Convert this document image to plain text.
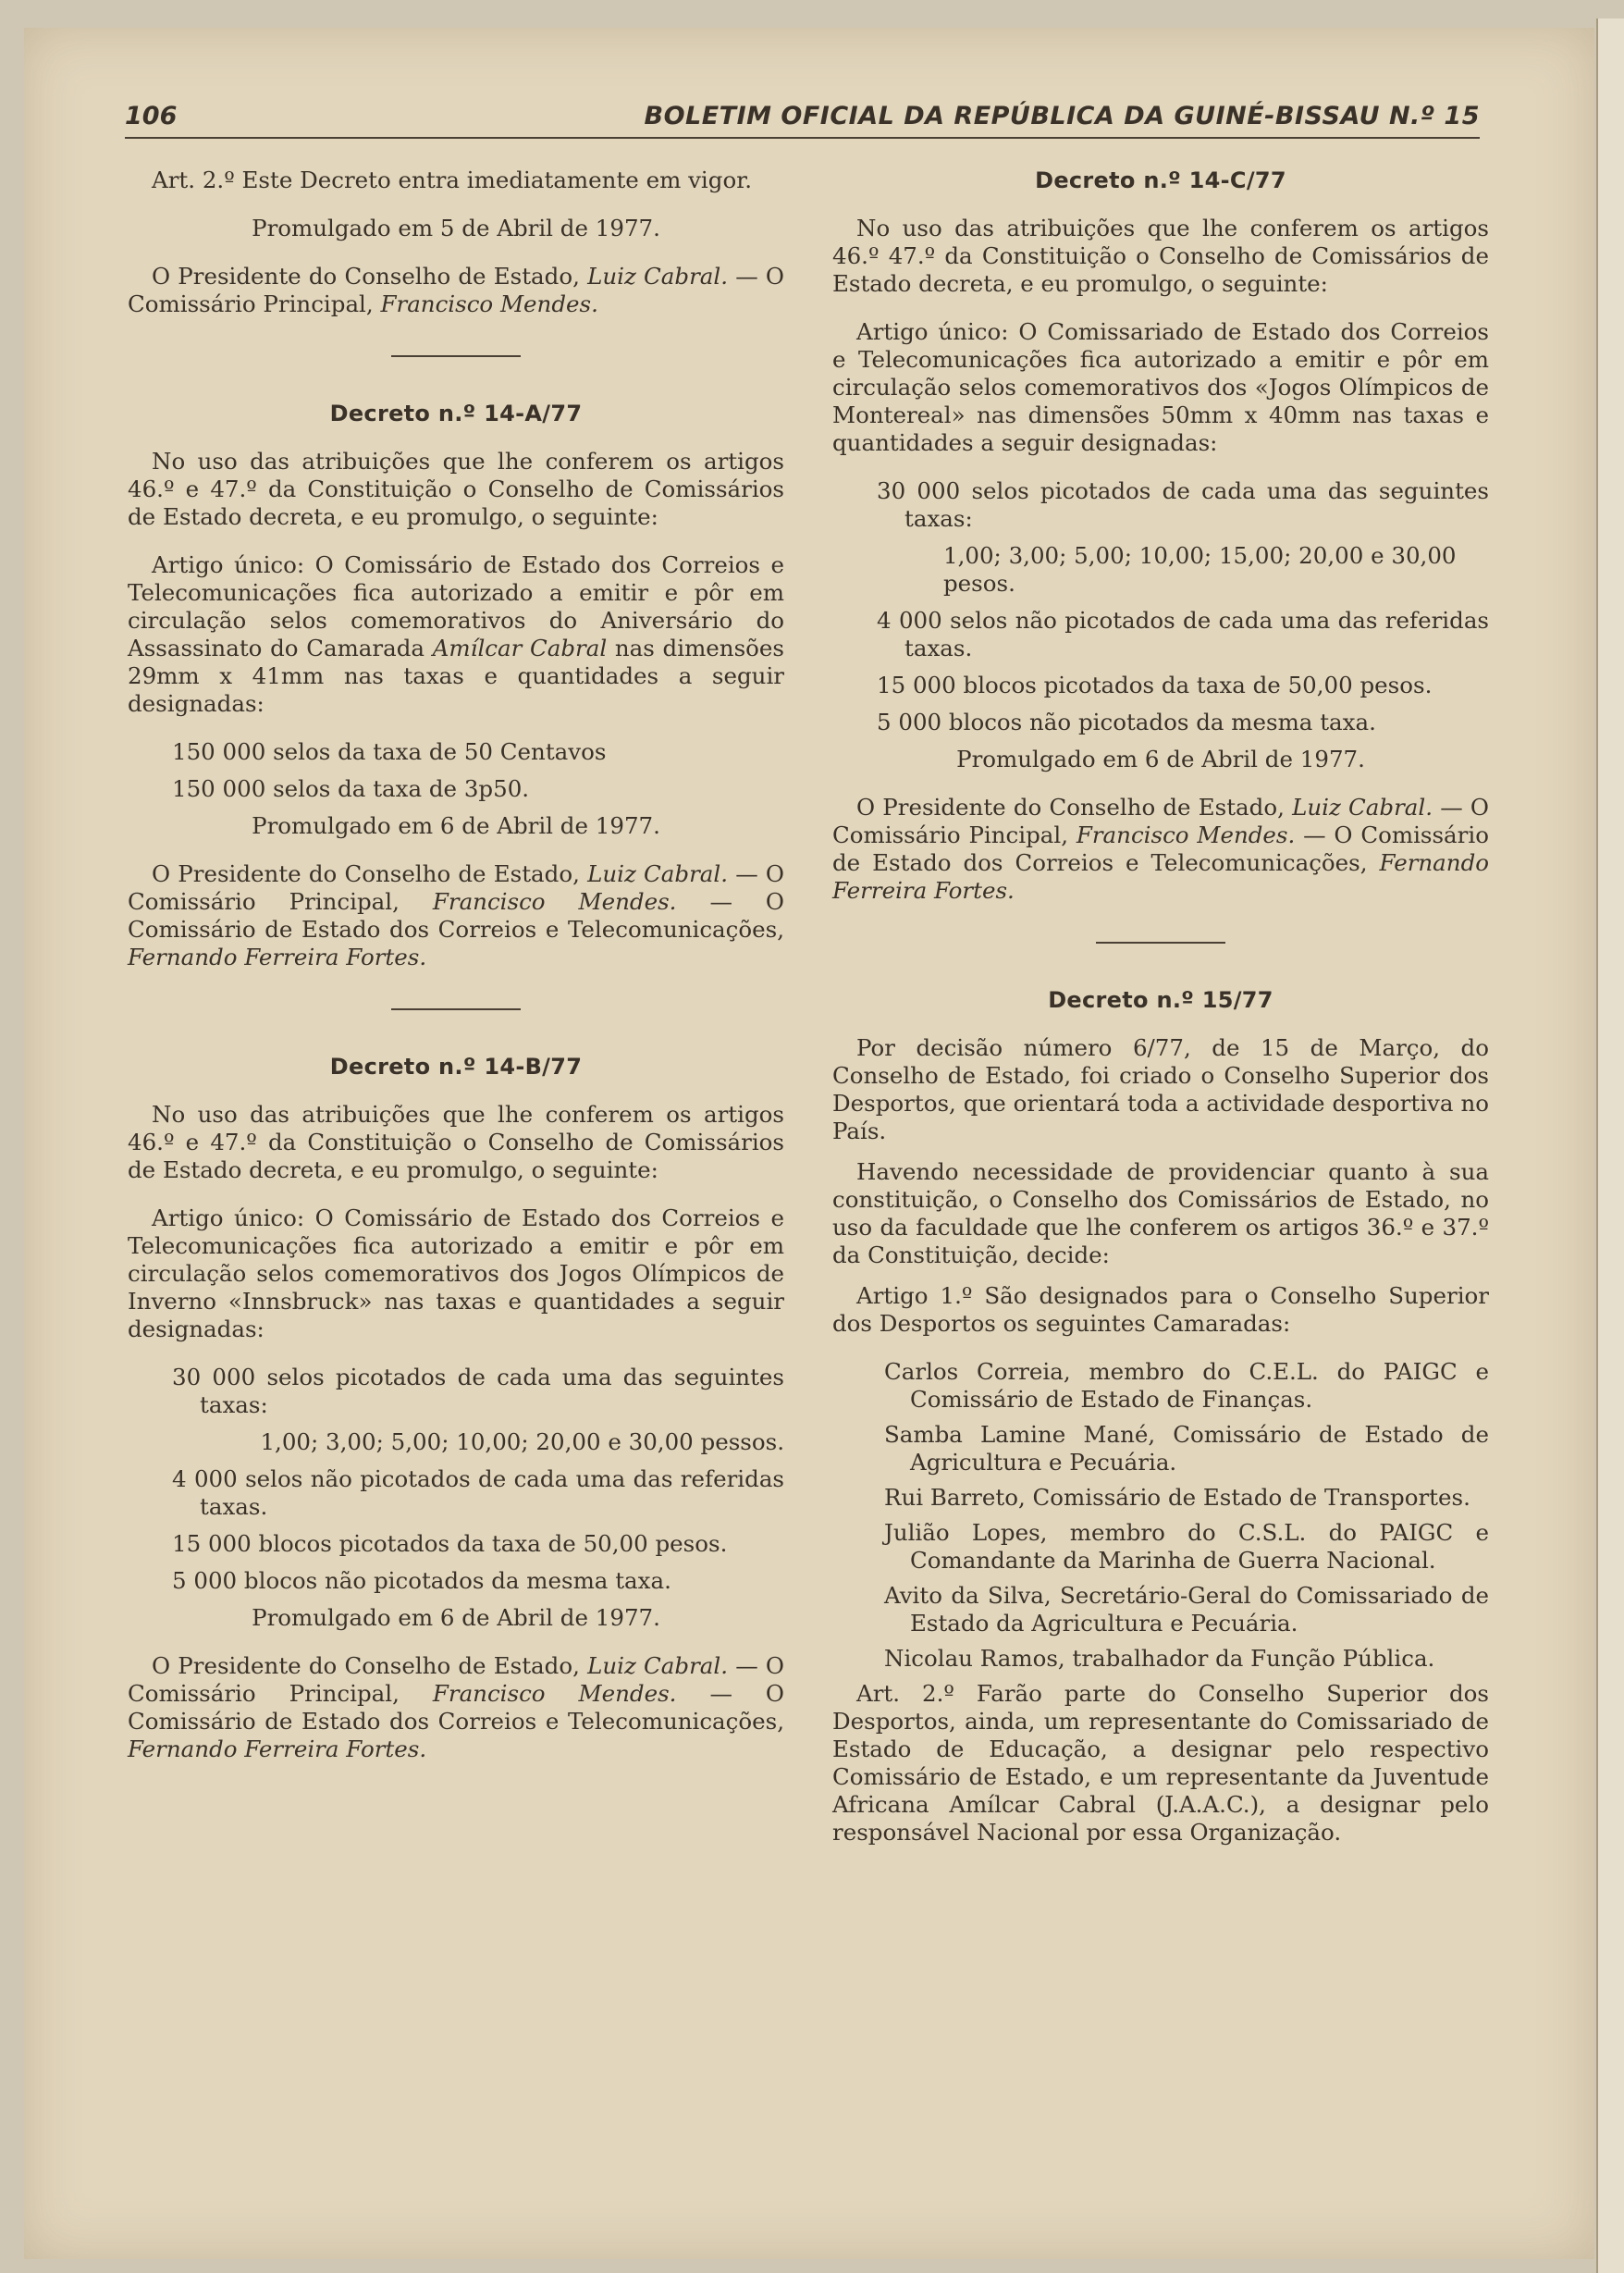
106	BOLETIM OFICIAL DA REPÚBLICA DA GUINÉ-BISSAU N.º 15

Art. 2.º Este Decreto entra imediatamente em vigor.

Promulgado em 5 de Abril de 1977.

O Presidente do Conselho de Estado, Luiz Cabral. — O Comissário Principal, Francisco Mendes.

Decreto n.º 14-A/77

No uso das atribuições que lhe conferem os artigos 46.º e 47.º da Constituição o Conselho de Comissários de Estado decreta, e eu promulgo, o seguinte:

Artigo único: O Comissário de Estado dos Correios e Telecomunicações fica autorizado a emitir e pôr em circulação selos comemorativos do Aniversário do Assassinato do Camarada Amílcar Cabral nas dimensões 29mm x 41mm nas taxas e quantidades a seguir designadas:

150 000 selos da taxa de 50 Centavos

150 000 selos da taxa de 3p50.

Promulgado em 6 de Abril de 1977.

O Presidente do Conselho de Estado, Luiz Cabral. — O Comissário Principal, Francisco Mendes. — O Comissário de Estado dos Correios e Telecomunicações, Fernando Ferreira Fortes.

Decreto n.º 14-B/77

No uso das atribuições que lhe conferem os artigos 46.º e 47.º da Constituição o Conselho de Comissários de Estado decreta, e eu promulgo, o seguinte:

Artigo único: O Comissário de Estado dos Correios e Telecomunicações fica autorizado a emitir e pôr em circulação selos comemorativos dos Jogos Olímpicos de Inverno «Innsbruck» nas taxas e quantidades a seguir designadas:

30 000 selos picotados de cada uma das seguintes taxas:

1,00; 3,00; 5,00; 10,00; 20,00 e 30,00 pessos.

4 000 selos não picotados de cada uma das referidas taxas.

15 000 blocos picotados da taxa de 50,00 pesos.

5 000 blocos não picotados da mesma taxa.

Promulgado em 6 de Abril de 1977.

O Presidente do Conselho de Estado, Luiz Cabral. — O Comissário Principal, Francisco Mendes. — O Comissário de Estado dos Correios e Telecomunicações, Fernando Ferreira Fortes.

Decreto n.º 14-C/77

No uso das atribuições que lhe conferem os artigos 46.º 47.º da Constituição o Conselho de Comissários de Estado decreta, e eu promulgo, o seguinte:

Artigo único: O Comissariado de Estado dos Correios e Telecomunicações fica autorizado a emitir e pôr em circulação selos comemorativos dos «Jogos Olímpicos de Montereal» nas dimensões 50mm x 40mm nas taxas e quantidades a seguir designadas:

30 000 selos picotados de cada uma das seguintes taxas:

1,00; 3,00; 5,00; 10,00; 15,00; 20,00 e 30,00 pesos.

4 000 selos não picotados de cada uma das referidas taxas.

15 000 blocos picotados da taxa de 50,00 pesos.

5 000 blocos não picotados da mesma taxa.

Promulgado em 6 de Abril de 1977.

O Presidente do Conselho de Estado, Luiz Cabral. — O Comissário Pincipal, Francisco Mendes. — O Comissário de Estado dos Correios e Telecomunicações, Fernando Ferreira Fortes.

Decreto n.º 15/77

Por decisão número 6/77, de 15 de Março, do Conselho de Estado, foi criado o Conselho Superior dos Desportos, que orientará toda a actividade desportiva no País.

Havendo necessidade de providenciar quanto à sua constituição, o Conselho dos Comissários de Estado, no uso da faculdade que lhe conferem os artigos 36.º e 37.º da Constituição, decide:

Artigo 1.º São designados para o Conselho Superior dos Desportos os seguintes Camaradas:

Carlos Correia, membro do C.E.L. do PAIGC e Comissário de Estado de Finanças.

Samba Lamine Mané, Comissário de Estado de Agricultura e Pecuária.

Rui Barreto, Comissário de Estado de Transportes.

Julião Lopes, membro do C.S.L. do PAIGC e Comandante da Marinha de Guerra Nacional.

Avito da Silva, Secretário-Geral do Comissariado de Estado da Agricultura e Pecuária.

Nicolau Ramos, trabalhador da Função Pública.

Art. 2.º Farão parte do Conselho Superior dos Desportos, ainda, um representante do Comissariado de Estado de Educação, a designar pelo respectivo Comissário de Estado, e um representante da Juventude Africana Amílcar Cabral (J.A.A.C.), a designar pelo responsável Nacional por essa Organização.
